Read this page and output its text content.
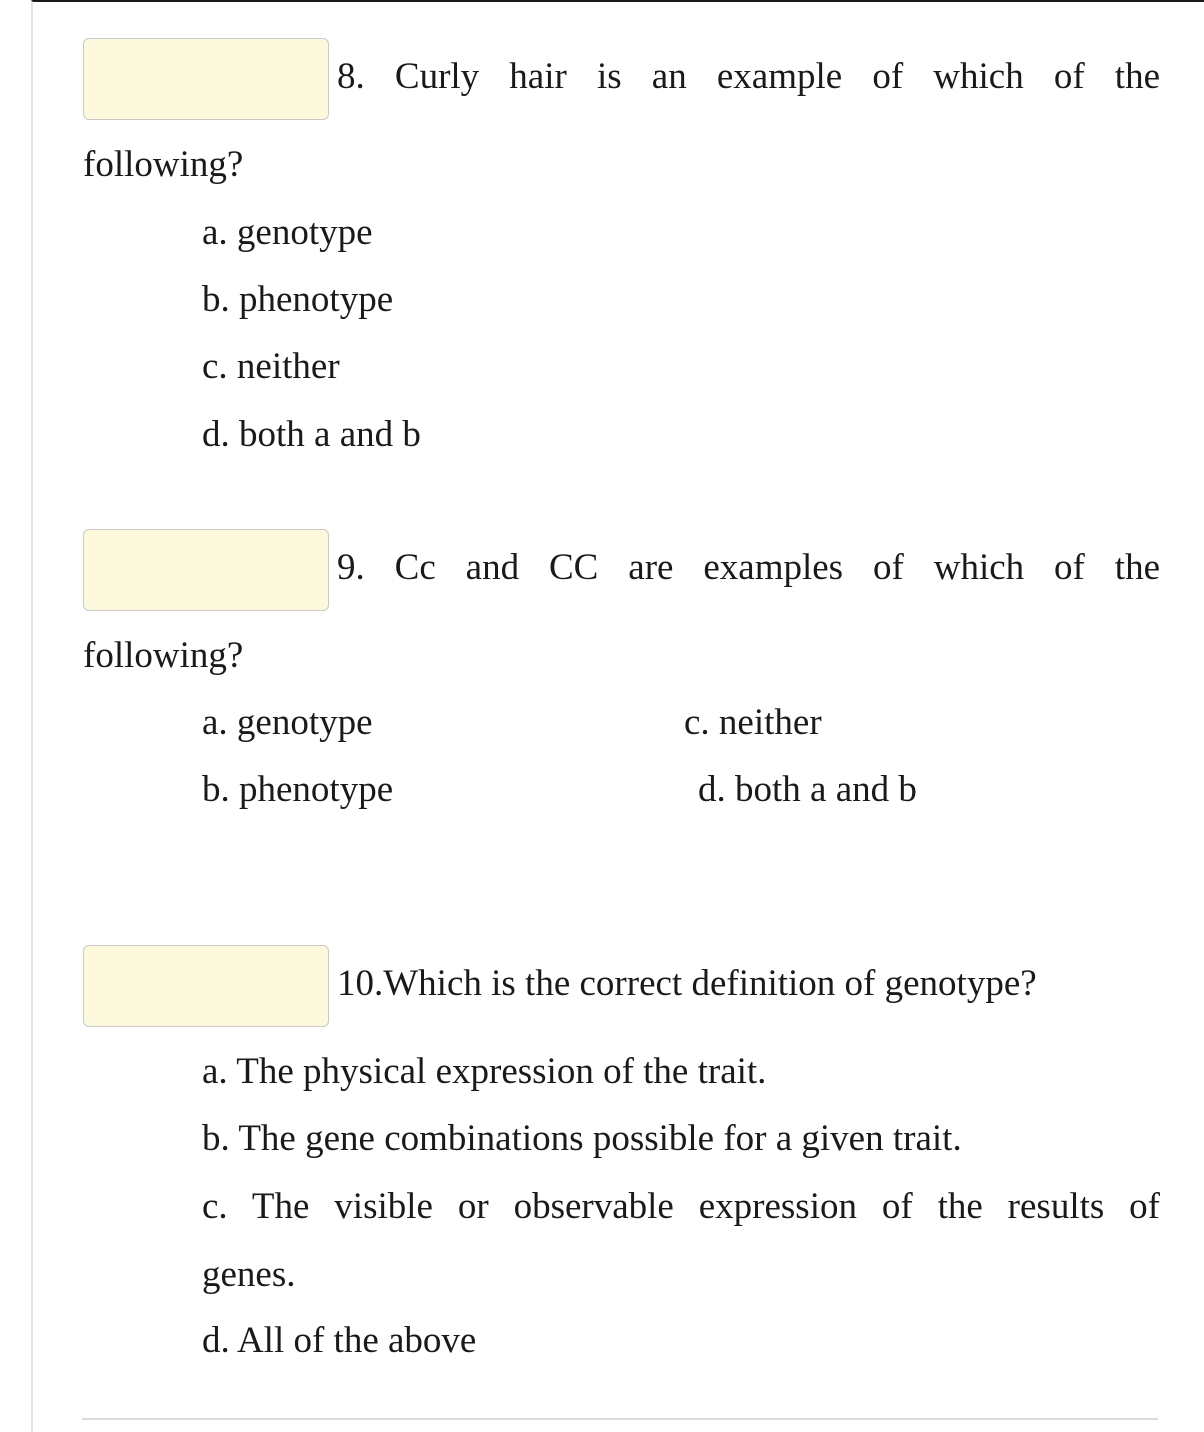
8. Curly hair is an example of which of the
following?
a. genotype
b. phenotype
c. neither
d. both a and b
9. Cc and CC are examples of which of the
following?
a. genotype	c. neither
b. phenotype	d. both a and b
10.Which is the correct definition of genotype?
a. The physical expression of the trait.
b. The gene combinations possible for a given trait.
c. The visible or observable expression of the results of
genes.
d. All of the above
